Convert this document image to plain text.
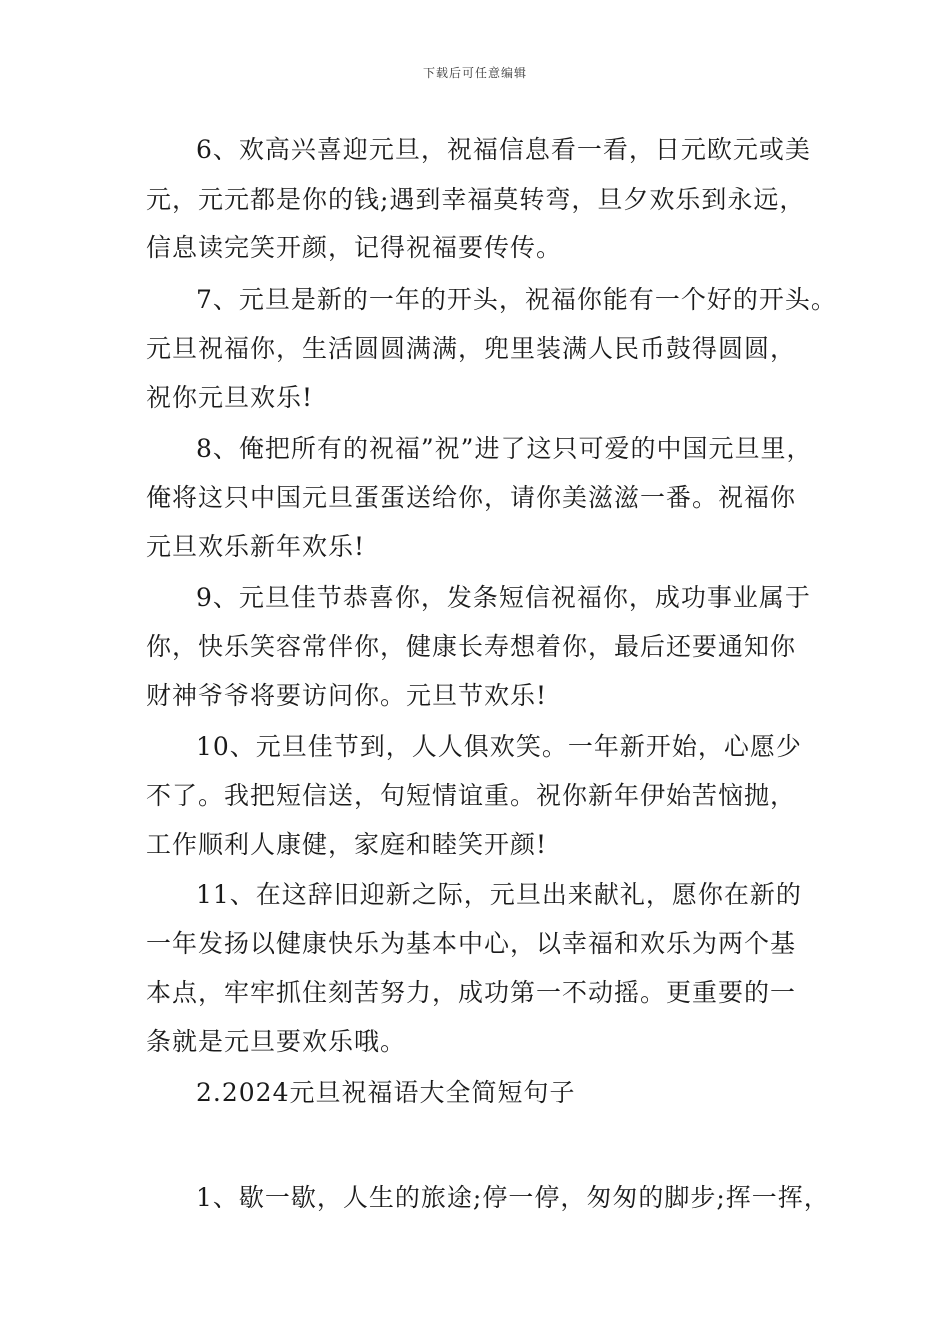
下载后可任意编辑
6、欢高兴喜迎元旦，祝福信息看一看，日元欧元或美
元，元元都是你的钱;遇到幸福莫转弯，旦夕欢乐到永远，
信息读完笑开颜，记得祝福要传传。
7、元旦是新的一年的开头，祝福你能有一个好的开头。
元旦祝福你，生活圆圆满满，兜里装满人民币鼓得圆圆，
祝你元旦欢乐!
8、俺把所有的祝福”祝”进了这只可爱的中国元旦里，
俺将这只中国元旦蛋蛋送给你，请你美滋滋一番。祝福你
元旦欢乐新年欢乐!
9、元旦佳节恭喜你，发条短信祝福你，成功事业属于
你，快乐笑容常伴你，健康长寿想着你，最后还要通知你
财神爷爷将要访问你。元旦节欢乐!
10、元旦佳节到，人人俱欢笑。一年新开始，心愿少
不了。我把短信送，句短情谊重。祝你新年伊始苦恼抛，
工作顺利人康健，家庭和睦笑开颜!
11、在这辞旧迎新之际，元旦出来献礼，愿你在新的
一年发扬以健康快乐为基本中心，以幸福和欢乐为两个基
本点，牢牢抓住刻苦努力，成功第一不动摇。更重要的一
条就是元旦要欢乐哦。
2.2024元旦祝福语大全简短句子
1、歇一歇，人生的旅途;停一停，匆匆的脚步;挥一挥，
